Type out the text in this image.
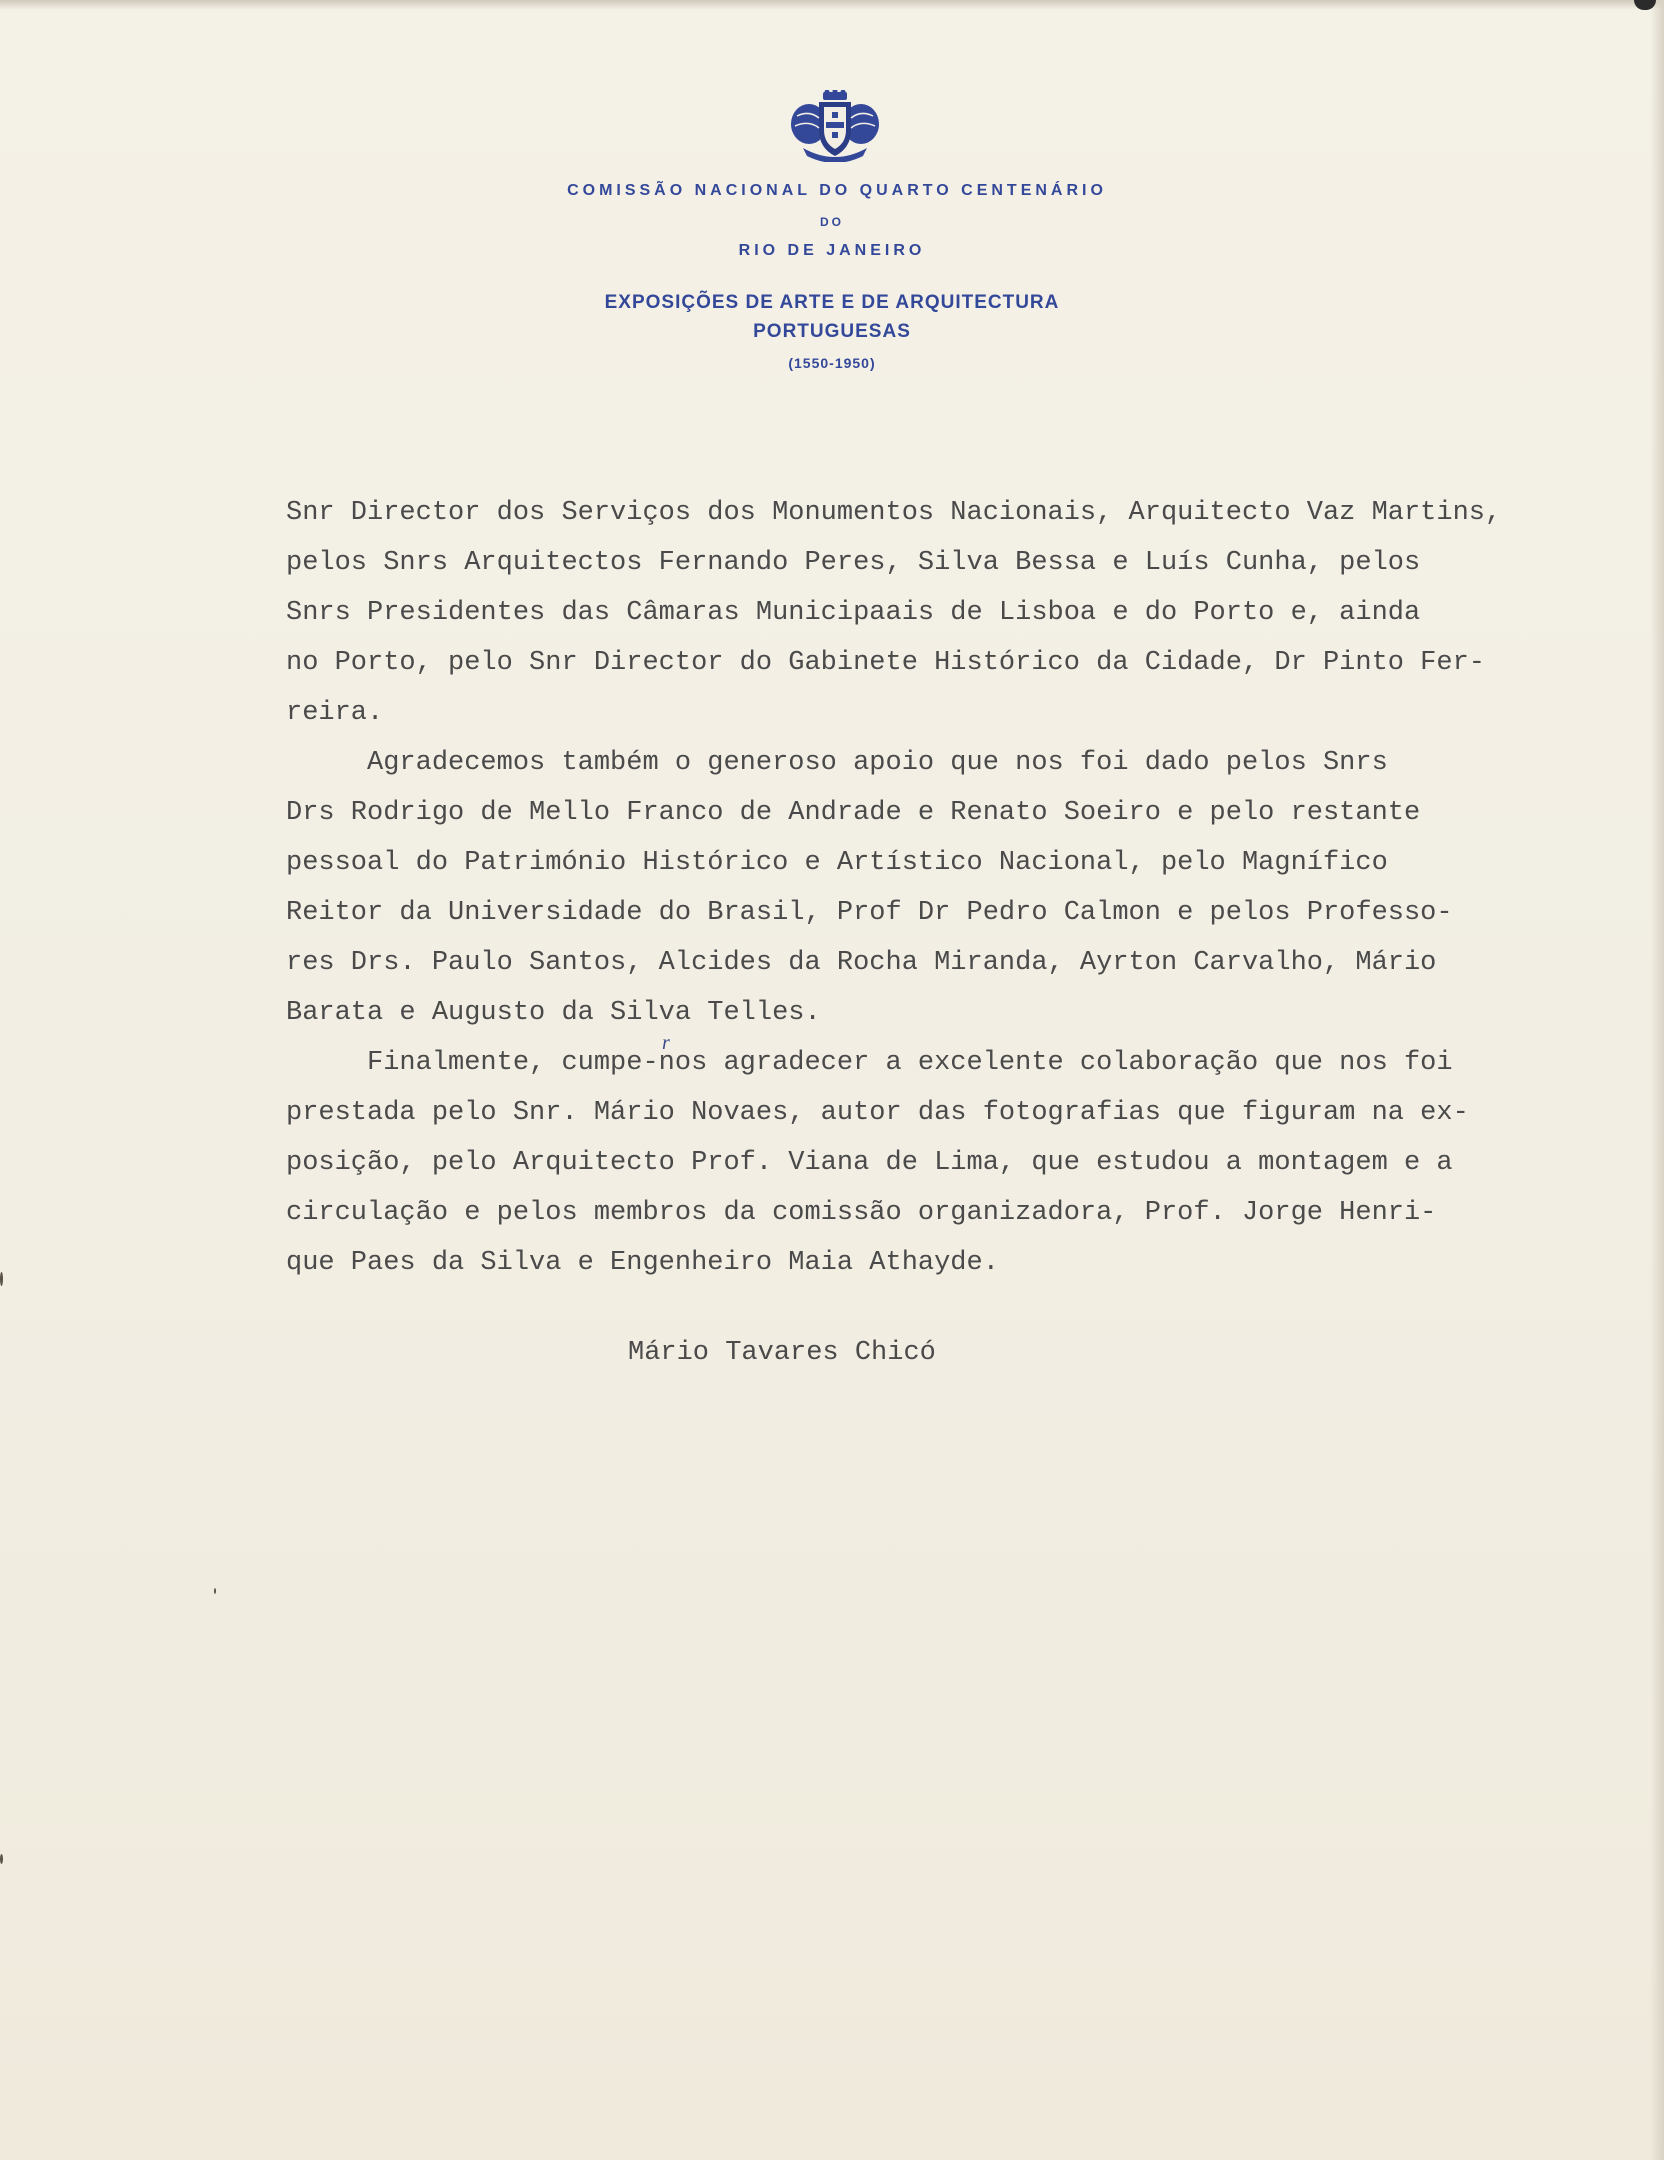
COMISSÃO NACIONAL DO QUARTO CENTENÁRIO
DO
RIO DE JANEIRO
EXPOSIÇÕES DE ARTE E DE ARQUITECTURA
PORTUGUESAS
(1550-1950)
Snr Director dos Serviços dos Monumentos Nacionais, Arquitecto Vaz Martins,
pelos Snrs Arquitectos Fernando Peres, Silva Bessa e Luís Cunha, pelos
Snrs Presidentes das Câmaras Municipaais de Lisboa e do Porto e, ainda
no Porto, pelo Snr Director do Gabinete Histórico da Cidade, Dr Pinto Fer-
reira.
Agradecemos também o generoso apoio que nos foi dado pelos Snrs
Drs Rodrigo de Mello Franco de Andrade e Renato Soeiro e pelo restante
pessoal do Património Histórico e Artístico Nacional, pelo Magnífico
Reitor da Universidade do Brasil, Prof Dr Pedro Calmon e pelos Professo-
res Drs. Paulo Santos, Alcides da Rocha Miranda, Ayrton Carvalho, Mário
Barata e Augusto da Silva Telles.
Finalmente, cumpe-nos agradecer a excelente colaboração que nos foi
prestada pelo Snr. Mário Novaes, autor das fotografias que figuram na ex-
posição, pelo Arquitecto Prof. Viana de Lima, que estudou a montagem e a
circulação e pelos membros da comissão organizadora, Prof. Jorge Henri-
que Paes da Silva e Engenheiro Maia Athayde.
r
Mário Tavares Chicó
